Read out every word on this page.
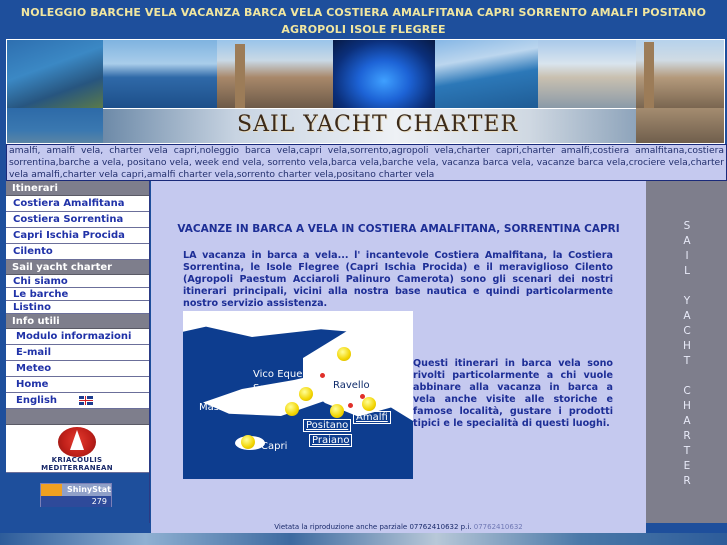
NOLEGGIO BARCHE VELA VACANZA BARCA VELA COSTIERA AMALFITANA CAPRI SORRENTO AMALFI POSITANO AGROPOLI ISOLE FLEGREE
SAIL YACHT CHARTER
amalfi, amalfi vela, charter vela capri,noleggio barca vela,capri vela,sorrento,agropoli vela,charter capri,charter amalfi,costiera amalfitana,costiera sorrentina,barche a vela, positano vela, week end vela, sorrento vela,barca vela,barche vela, vacanza barca vela, vacanze barca vela,crociere vela,charter vela amalfi,charter vela capri,amalfi charter vela,sorrento charter vela,positano charter vela
Itinerari
Costiera Amalfitana
Costiera Sorrentina
Capri Ischia Procida
Cilento
Sail yacht charter
Chi siamo
Le barche
Listino
Info utili
Modulo informazioni
E-mail
Meteo
Home
English
KRIACOULIS
MEDITERRANEAN
ShinyStat
279
VACANZE IN BARCA A VELA IN COSTIERA AMALFITANA, SORRENTINA CAPRI
LA vacanza in barca a vela... l' incantevole Costiera Amalfitana, la Costiera Sorrentina, le Isole Flegree (Capri Ischia Procida) e il meraviglioso Cilento (Agropoli Paestum Acciaroli Palinuro Camerota) sono gli scenari dei nostri itinerari principali, vicini alla nostra base nautica e quindi particolarmente nostro servizio assistenza.
Pompei
Vico Equense
Sorrento	Ravello
Massa Lubrense
Positano
Amalfi
Praiano
Capri
Questi itinerari in barca vela sono rivolti particolarmente a chi vuole abbinare alla vacanza in barca a vela anche visite alle storiche e famose località, gustare i prodotti tipici e le specialità di questi luoghi.
S
A
I
L

Y
A
C
H
T

C
H
A
R
T
E
R
Vietata la riproduzione anche parziale 07762410632 p.i. 07762410632
